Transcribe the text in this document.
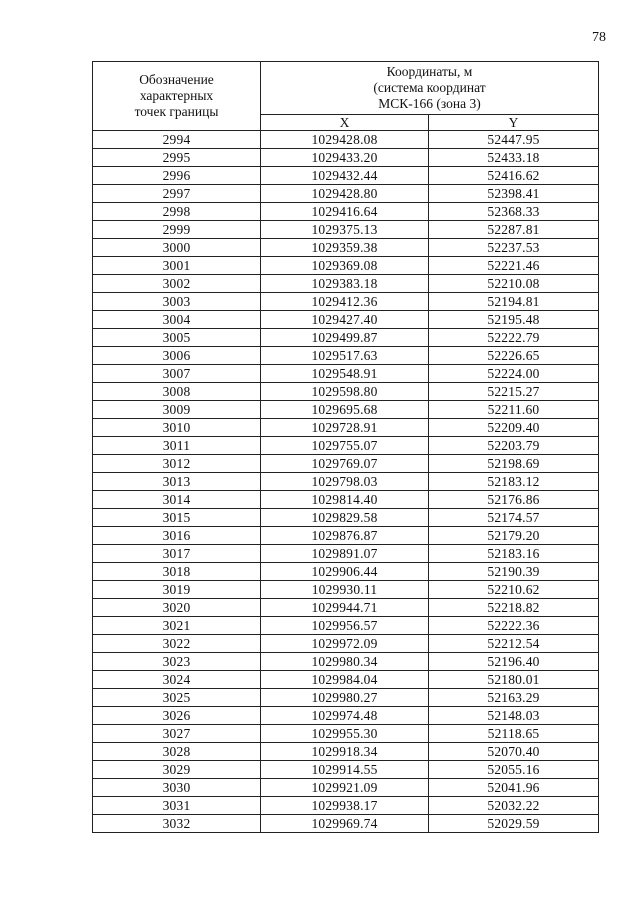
78
Обозначение
характерных
точек границы	Координаты, м
(система координат
МСК-166 (зона 3)	

	X	Y
2994	1029428.08	52447.95
2995	1029433.20	52433.18
2996	1029432.44	52416.62
2997	1029428.80	52398.41
2998	1029416.64	52368.33
2999	1029375.13	52287.81
3000	1029359.38	52237.53
3001	1029369.08	52221.46
3002	1029383.18	52210.08
3003	1029412.36	52194.81
3004	1029427.40	52195.48
3005	1029499.87	52222.79
3006	1029517.63	52226.65
3007	1029548.91	52224.00
3008	1029598.80	52215.27
3009	1029695.68	52211.60
3010	1029728.91	52209.40
3011	1029755.07	52203.79
3012	1029769.07	52198.69
3013	1029798.03	52183.12
3014	1029814.40	52176.86
3015	1029829.58	52174.57
3016	1029876.87	52179.20
3017	1029891.07	52183.16
3018	1029906.44	52190.39
3019	1029930.11	52210.62
3020	1029944.71	52218.82
3021	1029956.57	52222.36
3022	1029972.09	52212.54
3023	1029980.34	52196.40
3024	1029984.04	52180.01
3025	1029980.27	52163.29
3026	1029974.48	52148.03
3027	1029955.30	52118.65
3028	1029918.34	52070.40
3029	1029914.55	52055.16
3030	1029921.09	52041.96
3031	1029938.17	52032.22
3032	1029969.74	52029.59
